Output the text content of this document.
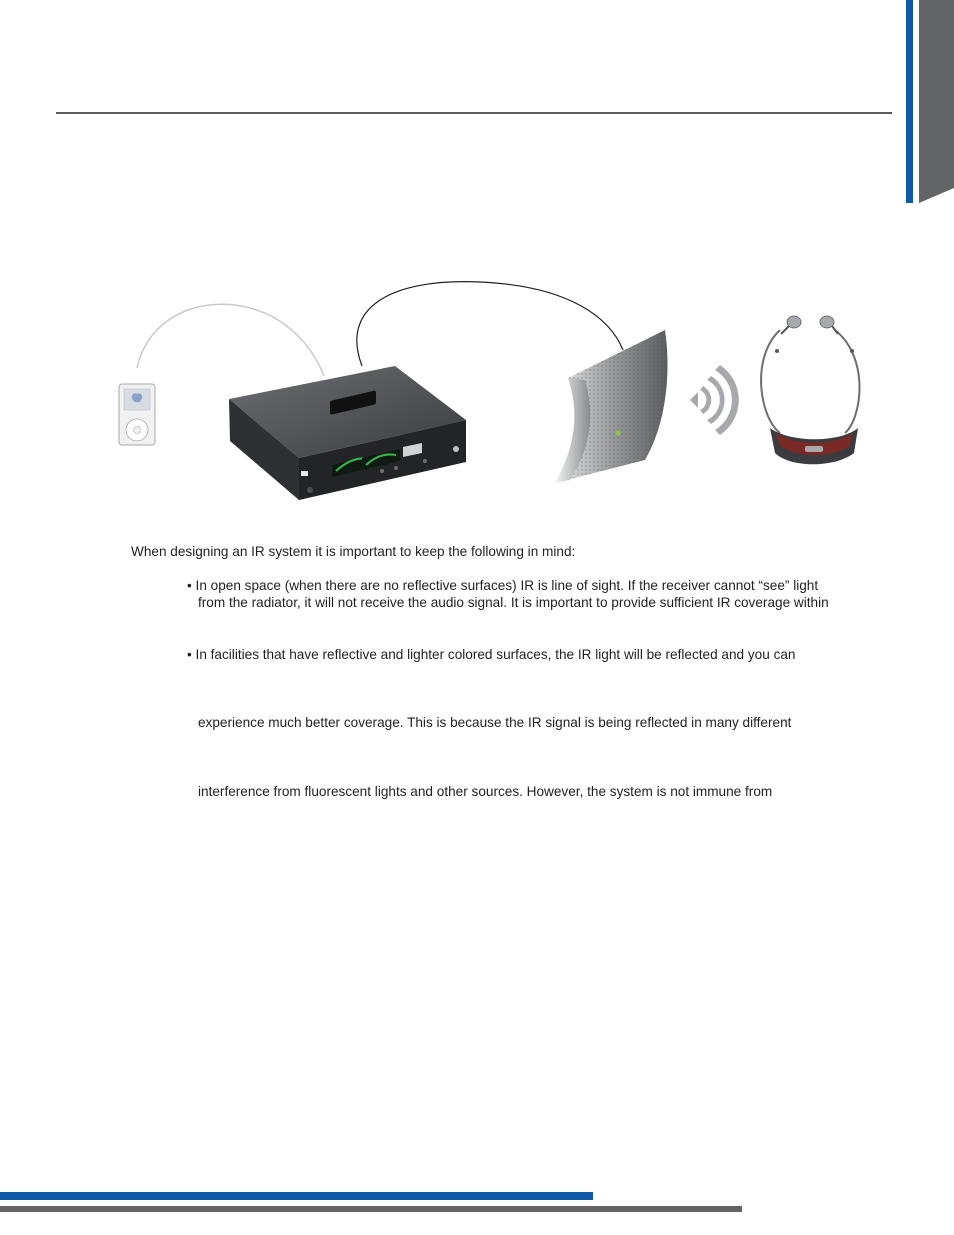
When designing an IR system it is important to keep the following in mind:
• In open space (when there are no reflective surfaces) IR is line of sight. If the receiver cannot “see” light
from the radiator, it will not receive the audio signal. It is important to provide sufficient IR coverage within
• In facilities that have reflective and lighter colored surfaces, the IR light will be reflected and you can
experience much better coverage. This is because the IR signal is being reflected in many different
interference from fluorescent lights and other sources. However, the system is not immune from
